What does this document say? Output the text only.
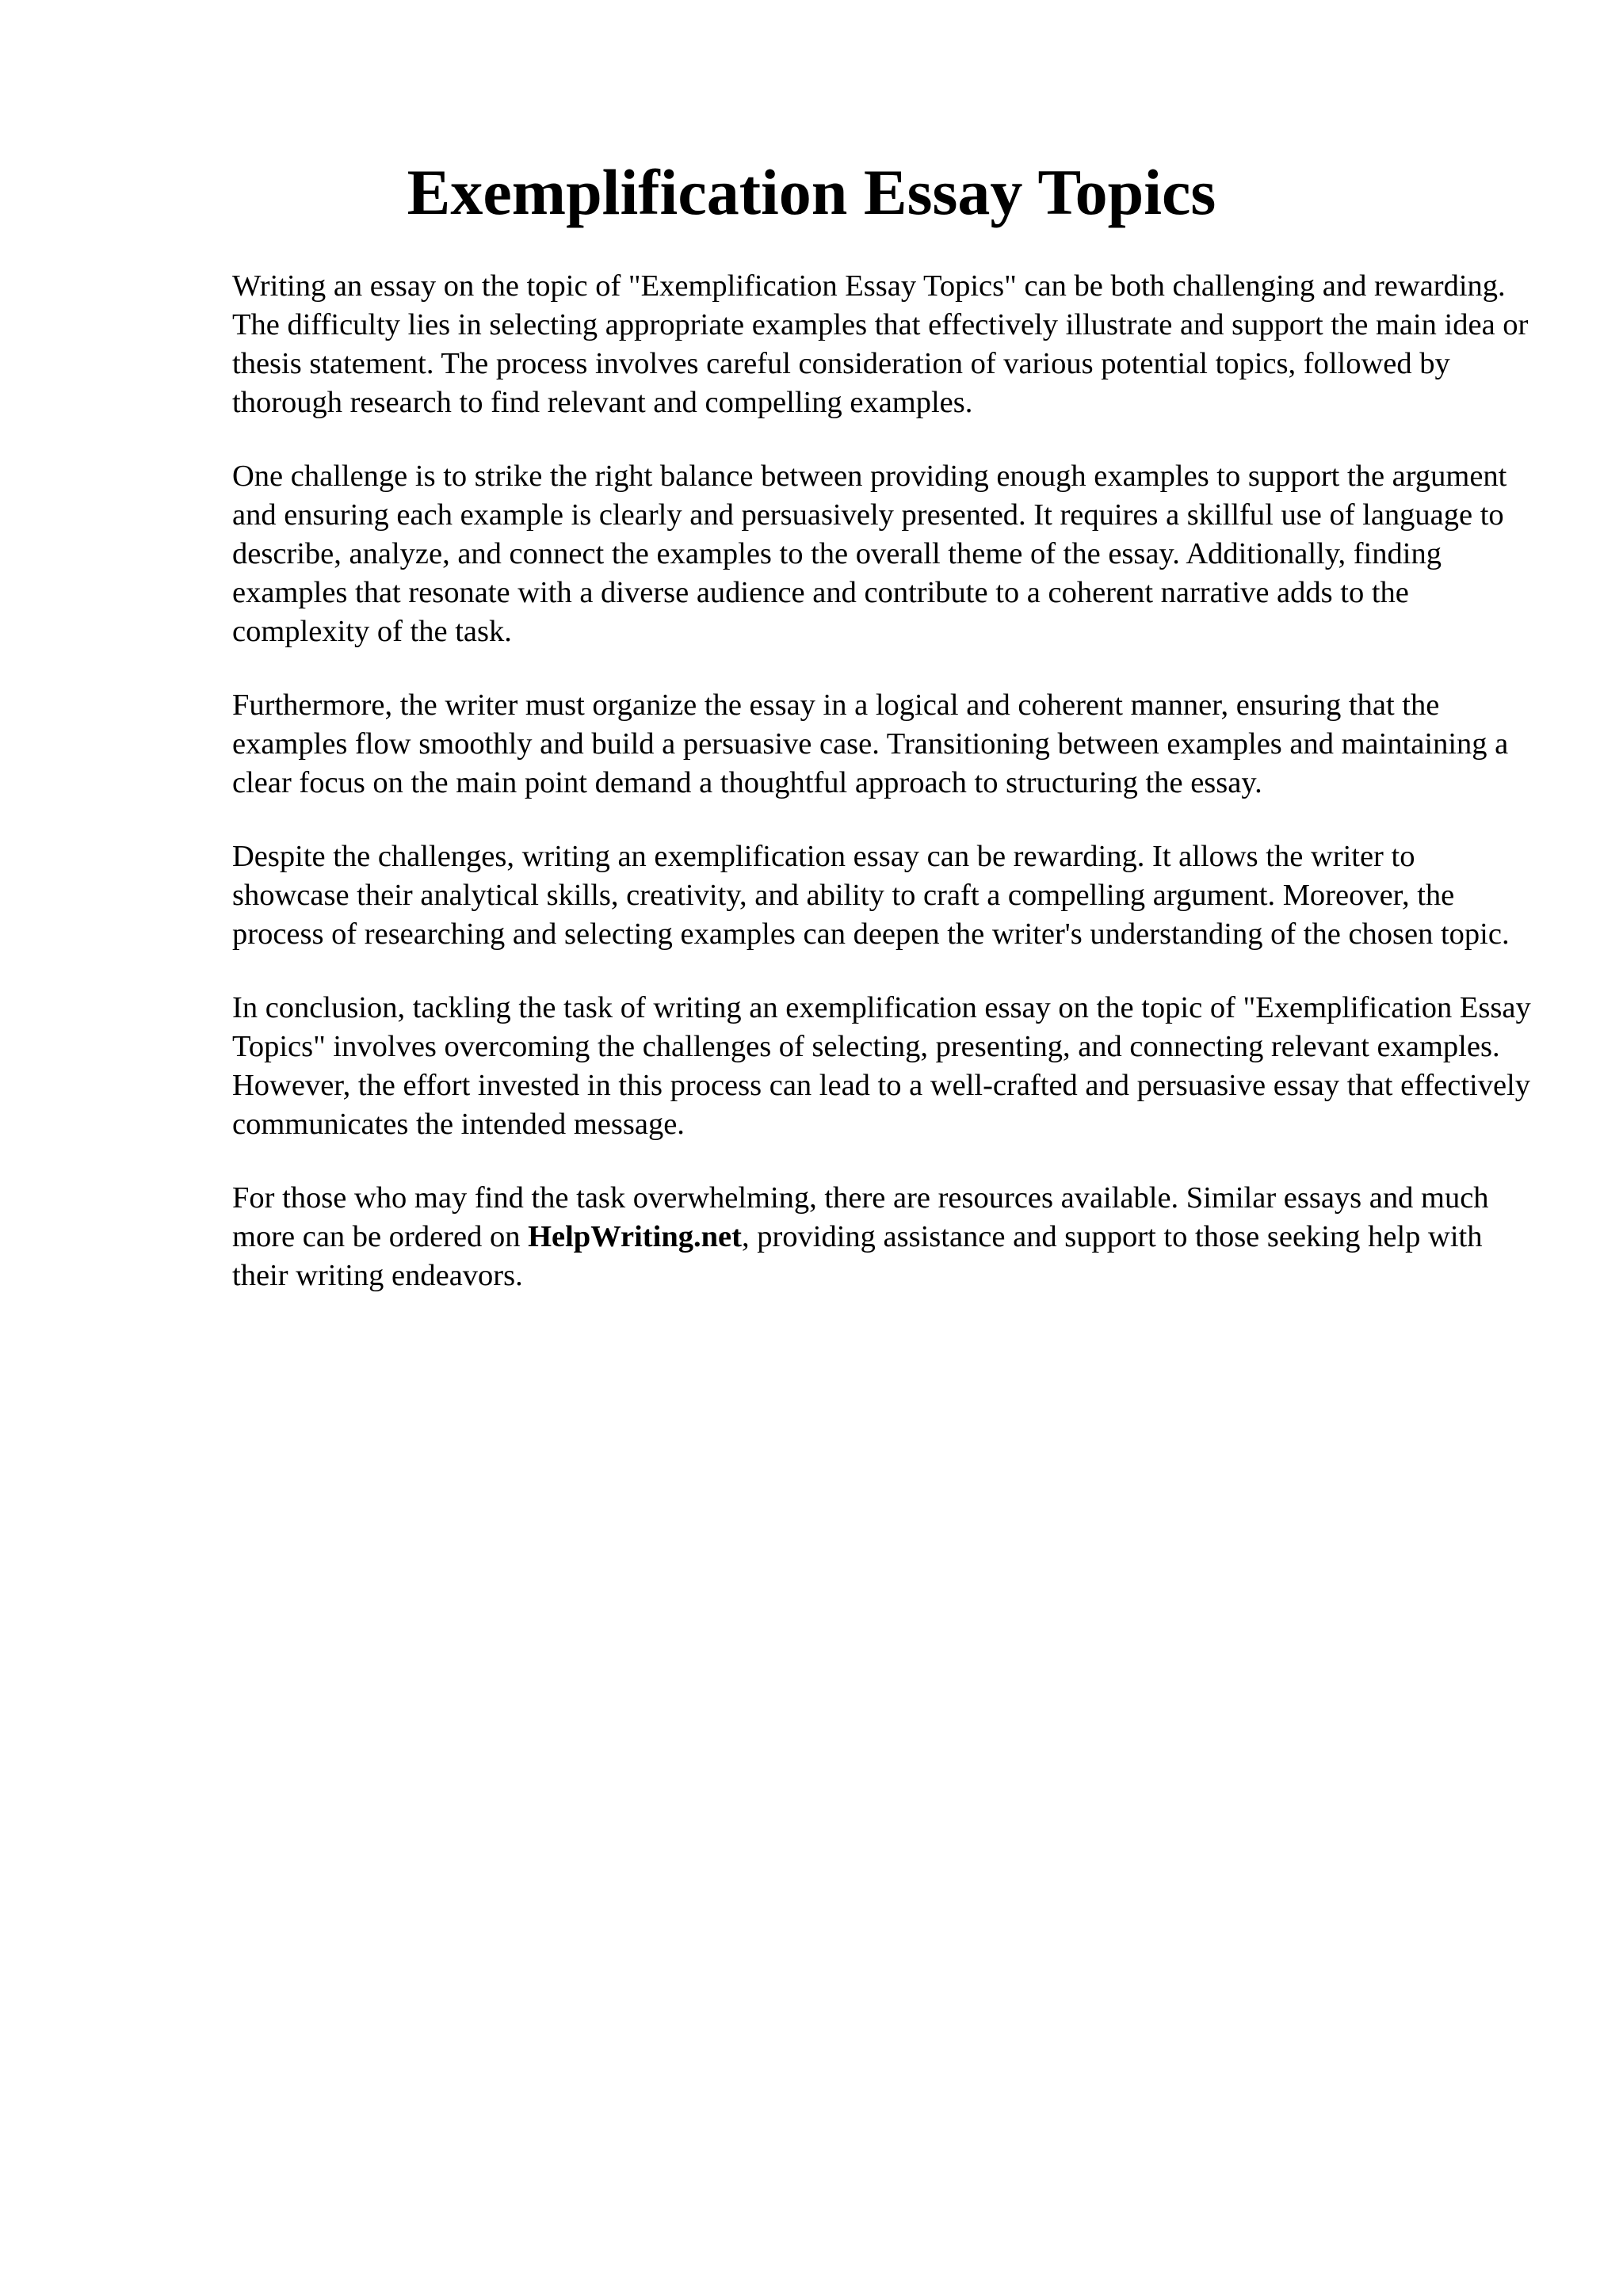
Exemplification Essay Topics

Writing an essay on the topic of "Exemplification Essay Topics" can be both challenging and rewarding. The difficulty lies in selecting appropriate examples that effectively illustrate and support the main idea or thesis statement. The process involves careful consideration of various potential topics, followed by thorough research to find relevant and compelling examples.

One challenge is to strike the right balance between providing enough examples to support the argument and ensuring each example is clearly and persuasively presented. It requires a skillful use of language to describe, analyze, and connect the examples to the overall theme of the essay. Additionally, finding examples that resonate with a diverse audience and contribute to a coherent narrative adds to the complexity of the task.

Furthermore, the writer must organize the essay in a logical and coherent manner, ensuring that the examples flow smoothly and build a persuasive case. Transitioning between examples and maintaining a clear focus on the main point demand a thoughtful approach to structuring the essay.

Despite the challenges, writing an exemplification essay can be rewarding. It allows the writer to showcase their analytical skills, creativity, and ability to craft a compelling argument. Moreover, the process of researching and selecting examples can deepen the writer's understanding of the chosen topic.

In conclusion, tackling the task of writing an exemplification essay on the topic of "Exemplification Essay Topics" involves overcoming the challenges of selecting, presenting, and connecting relevant examples. However, the effort invested in this process can lead to a well-crafted and persuasive essay that effectively communicates the intended message.

For those who may find the task overwhelming, there are resources available. Similar essays and much more can be ordered on HelpWriting.net, providing assistance and support to those seeking help with their writing endeavors.
